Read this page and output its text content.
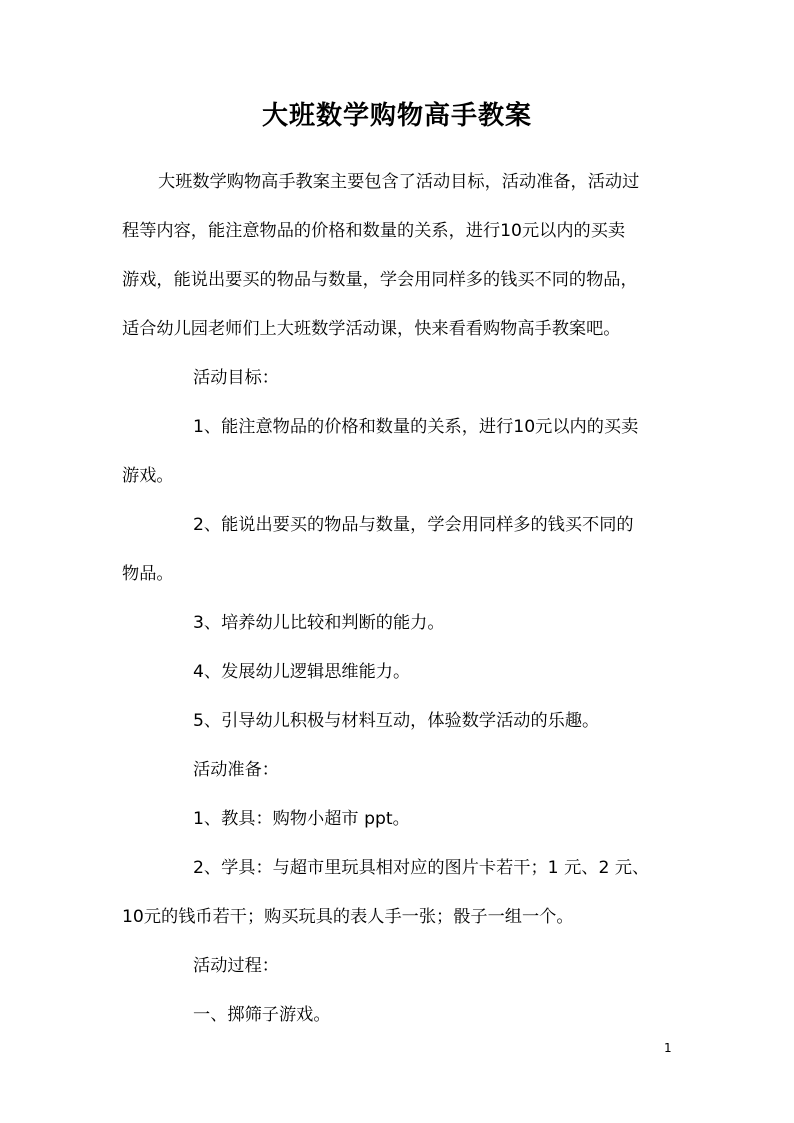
大班数学购物高手教案
大班数学购物高手教案主要包含了活动目标，活动准备，活动过
程等内容，能注意物品的价格和数量的关系，进行10元以内的买卖
游戏，能说出要买的物品与数量，学会用同样多的钱买不同的物品，
适合幼儿园老师们上大班数学活动课，快来看看购物高手教案吧。
活动目标：
1、能注意物品的价格和数量的关系，进行10元以内的买卖
游戏。
2、能说出要买的物品与数量，学会用同样多的钱买不同的
物品。
3、培养幼儿比较和判断的能力。
4、发展幼儿逻辑思维能力。
5、引导幼儿积极与材料互动，体验数学活动的乐趣。
活动准备：
1、教具：购物小超市 ppt。
2、学具：与超市里玩具相对应的图片卡若干；1 元、2 元、
10元的钱币若干；购买玩具的表人手一张；骰子一组一个。
活动过程：
一、掷筛子游戏。
1
